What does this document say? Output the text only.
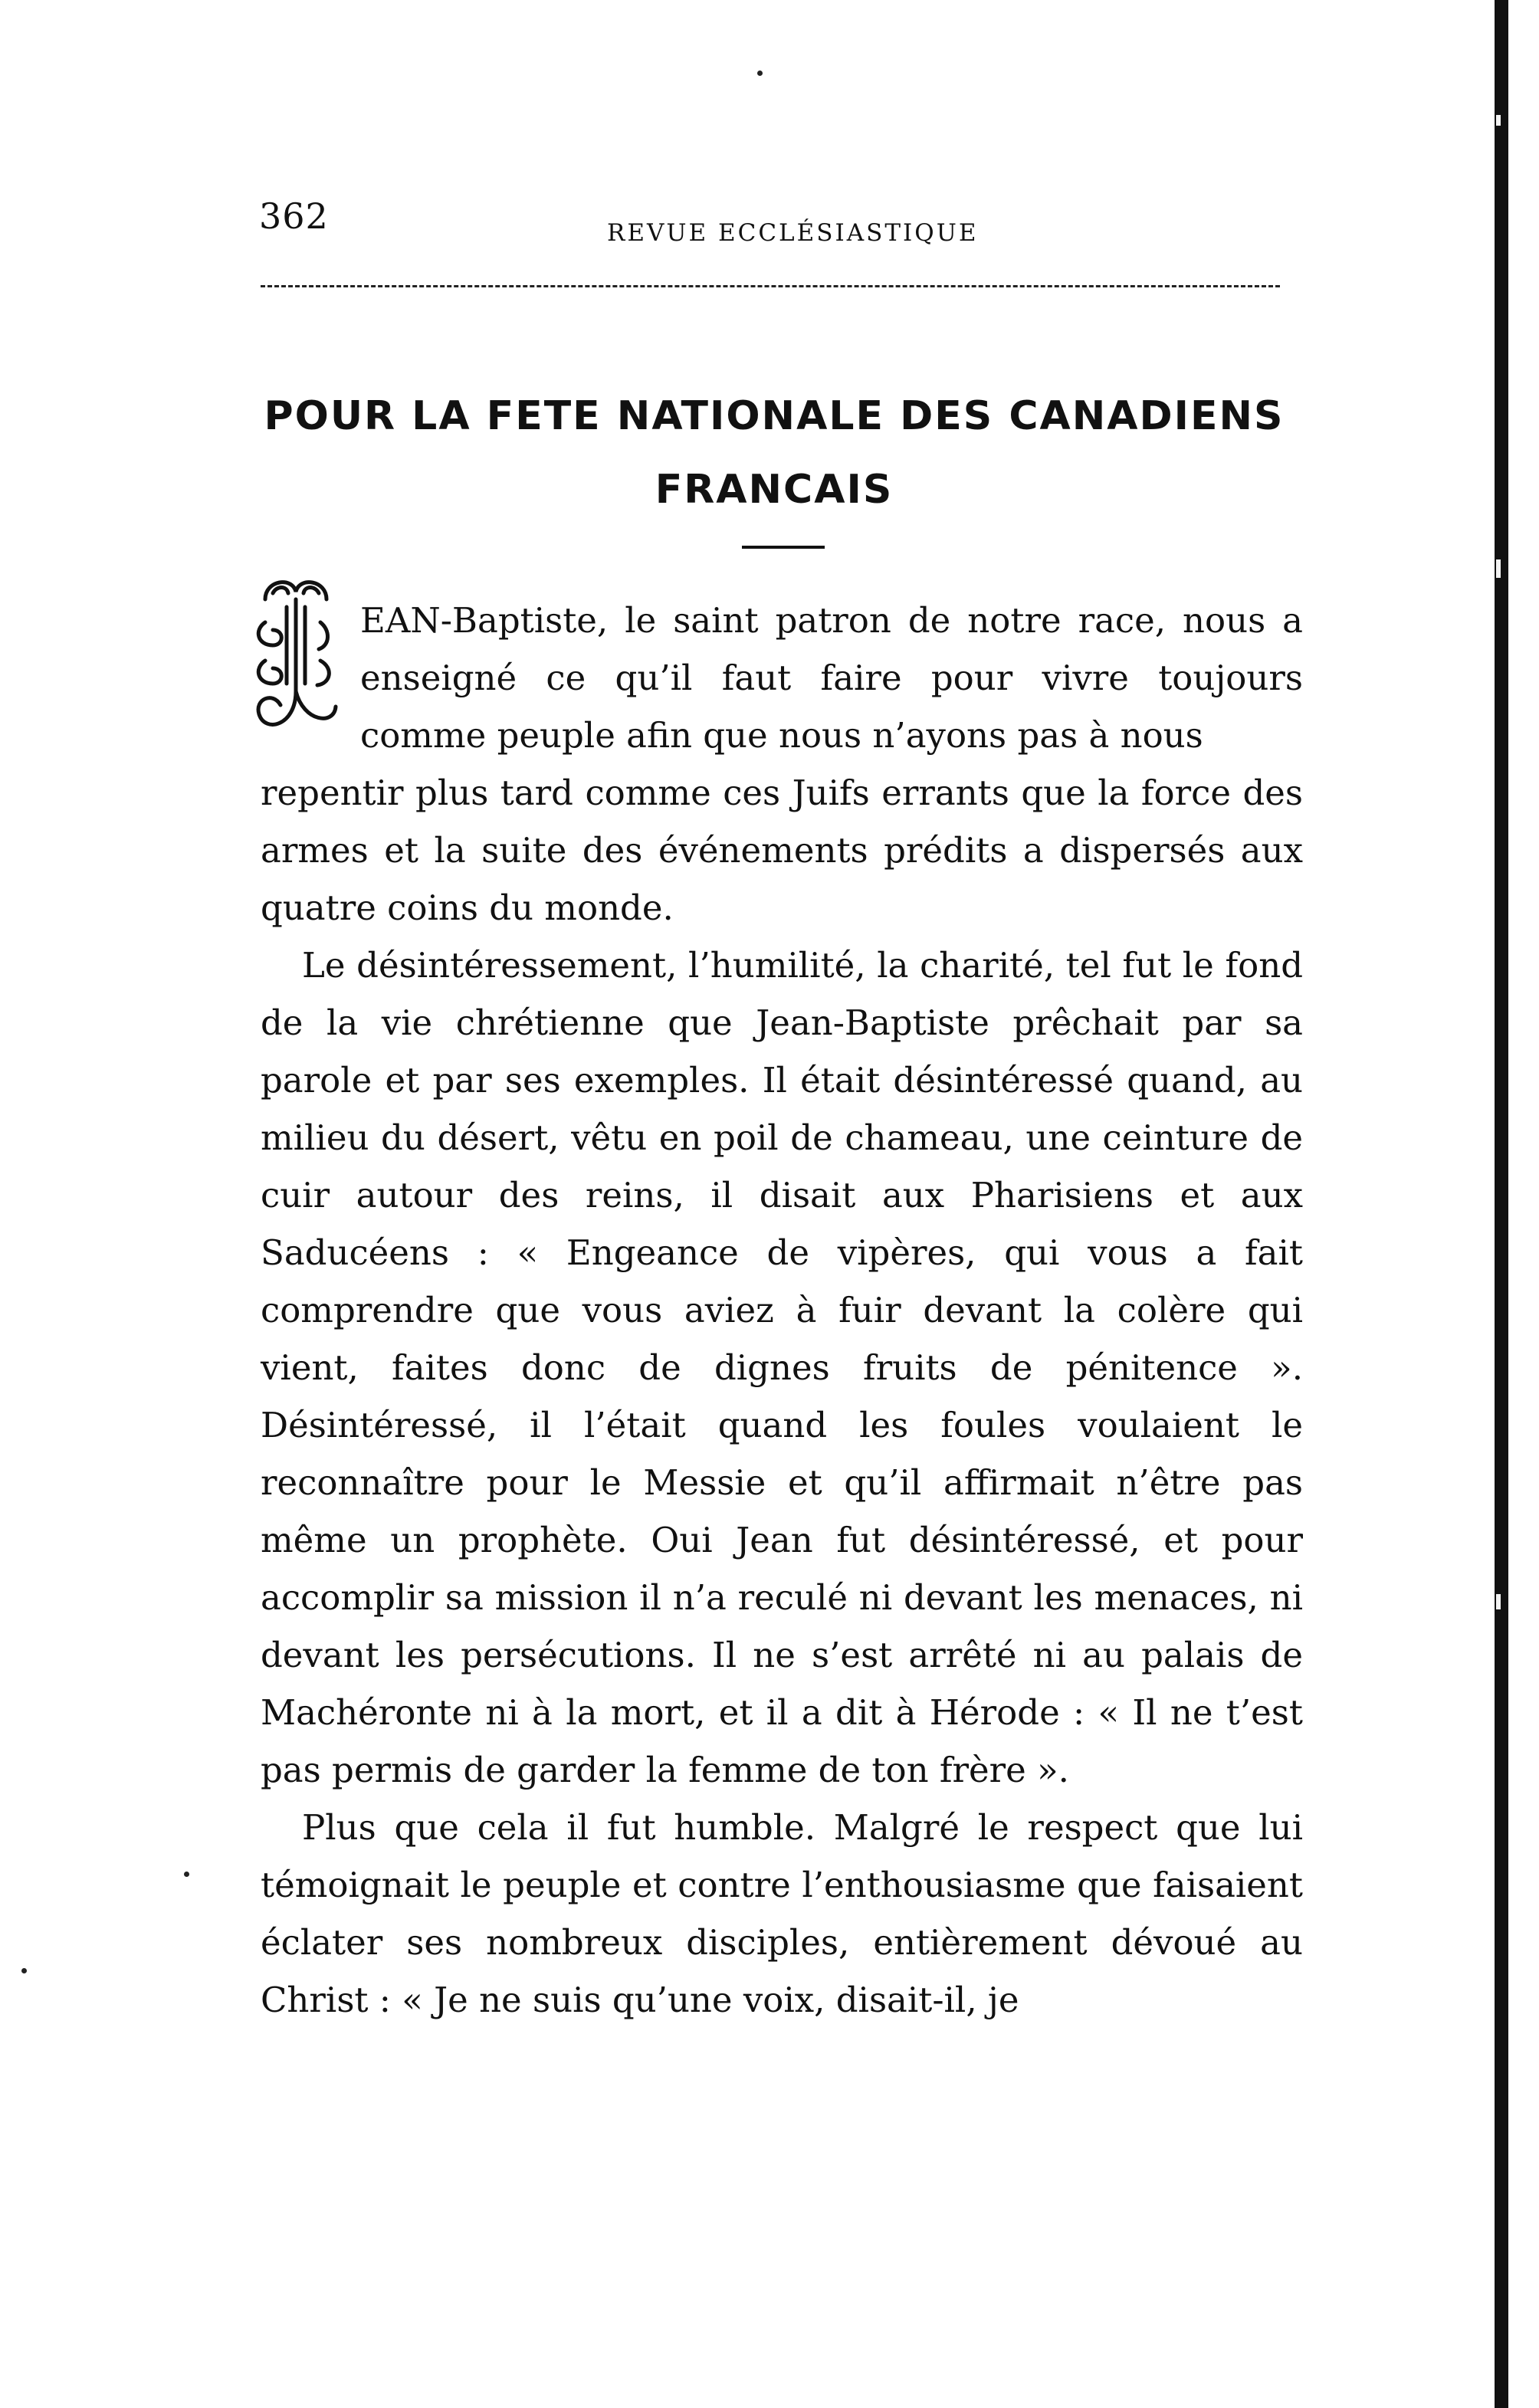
362	REVUE ECCLÉSIASTIQUE
POUR LA FETE NATIONALE DES CANADIENS
FRANCAIS

EAN-Baptiste, le saint patron de notre race, nous a enseigné ce qu’il faut faire pour vivre toujours comme peuple afin que nous n’ayons pas à nous
repentir plus tard comme ces Juifs errants que la force des armes et la suite des événements prédits a dispersés aux quatre coins du monde.

Le désintéressement, l’humilité, la charité, tel fut le fond de la vie chrétienne que Jean-Baptiste prêchait par sa parole et par ses exemples. Il était désintéressé quand, au milieu du désert, vêtu en poil de chameau, une ceinture de cuir autour des reins, il disait aux Pharisiens et aux Saducéens : « Engeance de vipères, qui vous a fait comprendre que vous aviez à fuir devant la colère qui vient, faites donc de dignes fruits de pénitence ». Désintéressé, il l’était quand les foules voulaient le reconnaître pour le Messie et qu’il affirmait n’être pas même un prophète. Oui Jean fut désintéressé, et pour accomplir sa mission il n’a reculé ni devant les menaces, ni devant les persécutions. Il ne s’est arrêté ni au palais de Machéronte ni à la mort, et il a dit à Hérode : « Il ne t’est pas permis de garder la femme de ton frère ».

Plus que cela il fut humble. Malgré le respect que lui témoignait le peuple et contre l’enthousiasme que faisaient éclater ses nombreux disciples, entièrement dévoué au Christ : « Je ne suis qu’une voix, disait-il, je
